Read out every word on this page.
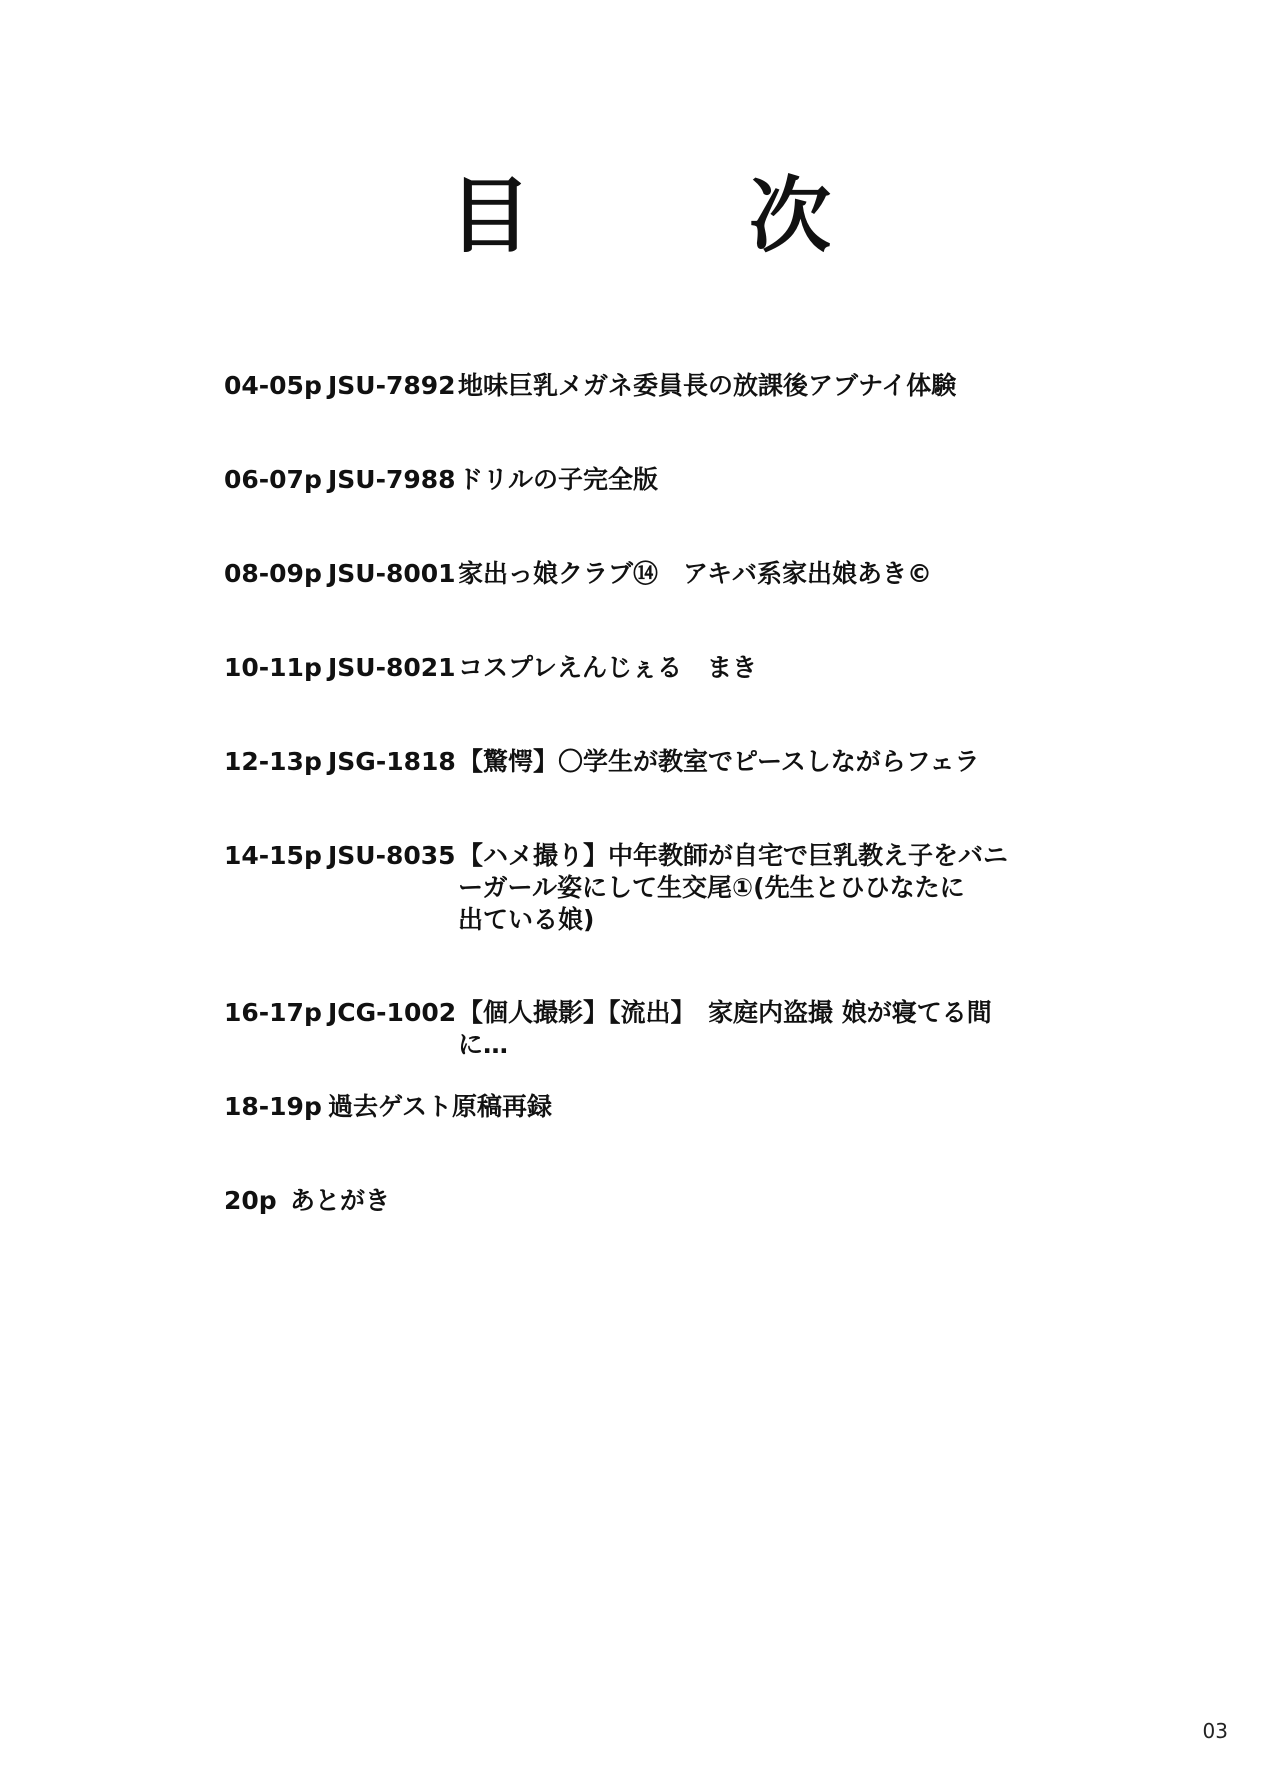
目　次
04-05p JSU-7892 地味巨乳メガネ委員長の放課後アブナイ体験
06-07p JSU-7988 ドリルの子完全版
08-09p JSU-8001 家出っ娘クラブ⑭　アキバ系家出娘あき©
10-11p JSU-8021 コスプレえんじぇる　まき
12-13p JSG-1818 【驚愕】〇学生が教室でピースしながらフェラ
14-15p JSU-8035 【ハメ撮り】中年教師が自宅で巨乳教え子をバニ
ーガール姿にして生交尾①(先生とひひなたに
出ている娘)
16-17p JCG-1002 【個人撮影】【流出】　家庭内盗撮 娘が寝てる間に…
18-19p 過去ゲスト原稿再録
20p あとがき
03
